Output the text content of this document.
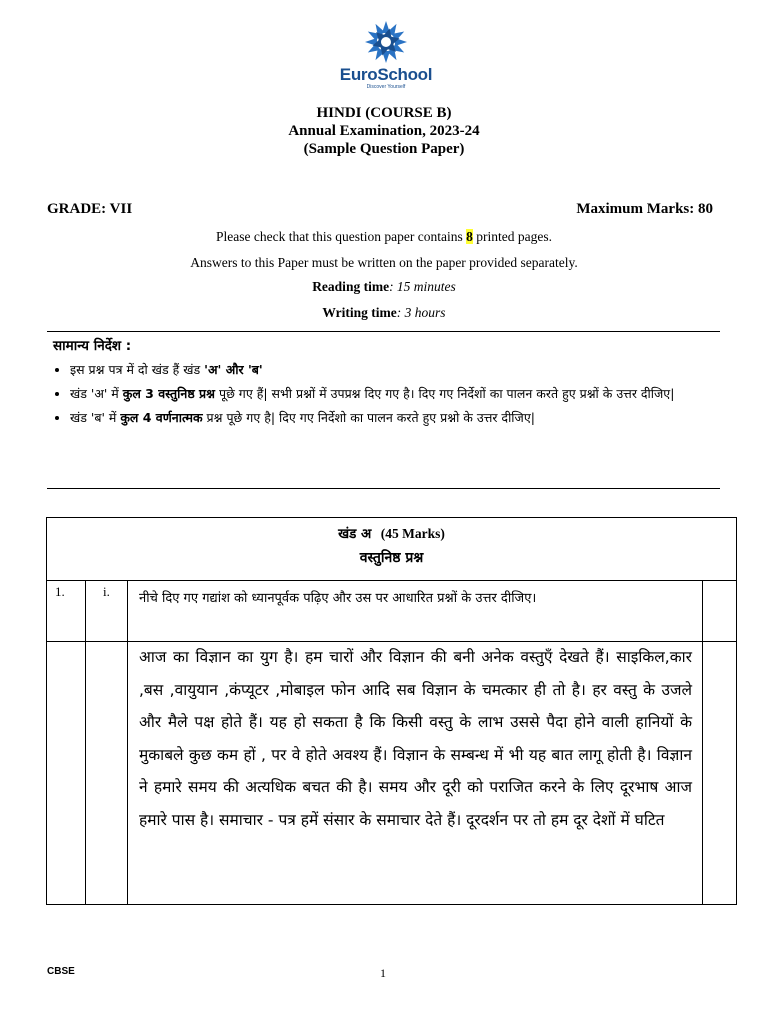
EuroSchool
Discover Yourself
HINDI (COURSE B)
Annual Examination, 2023-24
(Sample Question Paper)
GRADE: VII	Maximum Marks: 80
Please check that this question paper contains 8 printed pages.
Answers to this Paper must be written on the paper provided separately.
Reading time: 15 minutes
Writing time: 3 hours
सामान्य निर्देश :
• इस प्रश्न पत्र में दो खंड हैं खंड 'अ' और 'ब'
• खंड 'अ' में कुल 3 वस्तुनिष्ठ प्रश्न पूछे गए हैं| सभी प्रश्नों में उपप्रश्न दिए गए है। दिए गए निर्देशों का पालन करते हुए प्रश्नों के उत्तर दीजिए|
• खंड 'ब' में कुल 4 वर्णनात्मक प्रश्न पूछे गए है| दिए गए निर्देशो का पालन करते हुए प्रश्नो के उत्तर दीजिए|
खंड अ (45 Marks)
वस्तुनिष्ठ प्रश्न
1.	i.	नीचे दिए गए गद्यांश को ध्यानपूर्वक पढ़िए और उस पर आधारित प्रश्नों के उत्तर दीजिए।
आज का विज्ञान का युग है। हम चारों और विज्ञान की बनी अनेक वस्तुएँ देखते हैं। साइकिल,कार ,बस ,वायुयान ,कंप्यूटर ,मोबाइल फोन आदि सब विज्ञान के चमत्कार ही तो है। हर वस्तु के उजले और मैले पक्ष होते हैं। यह हो सकता है कि किसी वस्तु के लाभ उससे पैदा होने वाली हानियों के मुकाबले कुछ कम हों , पर वे होते अवश्य हैं। विज्ञान के सम्बन्ध में भी यह बात लागू होती है। विज्ञान ने हमारे समय की अत्यधिक बचत की है। समय और दूरी को पराजित करने के लिए दूरभाष आज हमारे पास है। समाचार - पत्र हमें संसार के समाचार देते हैं। दूरदर्शन पर तो हम दूर देशों में घटित
CBSE	1
